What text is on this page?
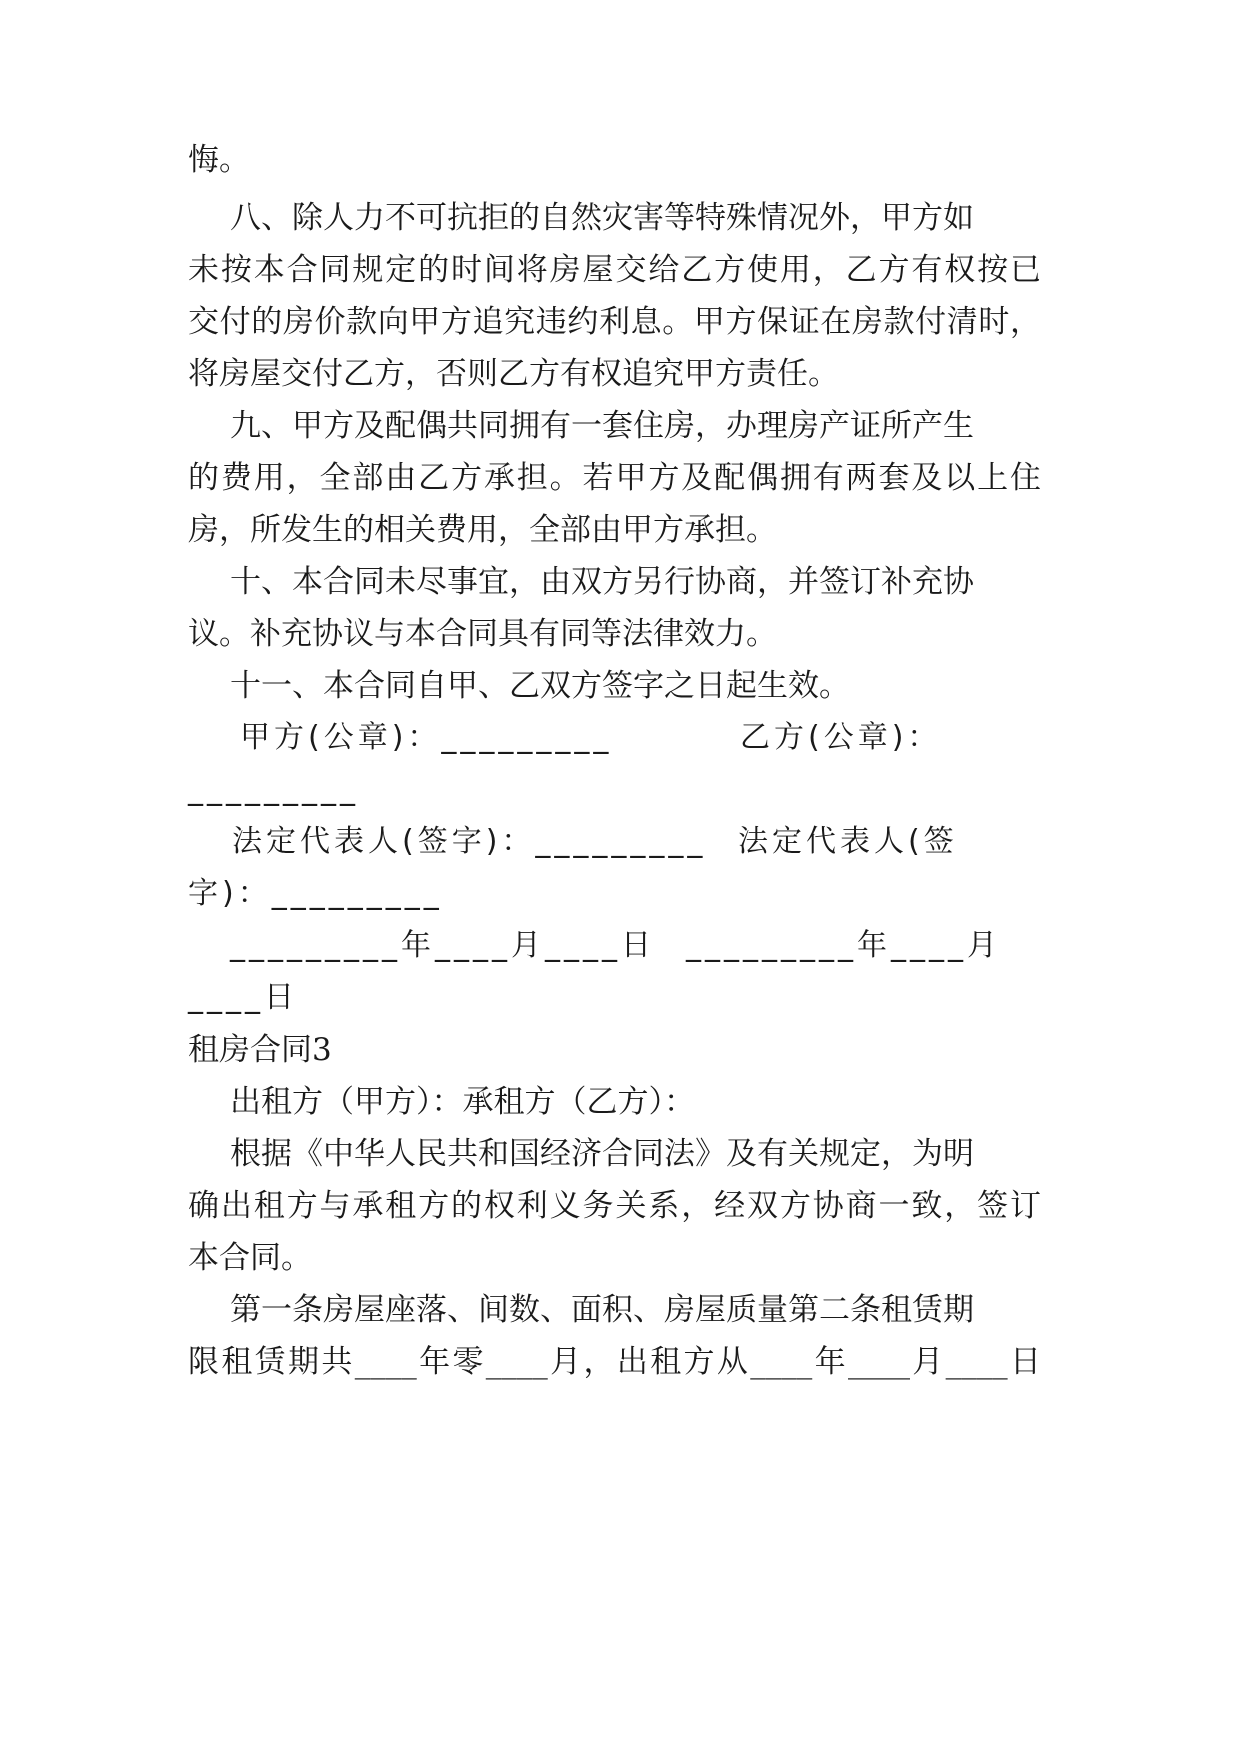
悔。
八、除人力不可抗拒的自然灾害等特殊情况外，甲方如
未按本合同规定的时间将房屋交给乙方使用，乙方有权按已
交付的房价款向甲方追究违约利息。甲方保证在房款付清时，
将房屋交付乙方，否则乙方有权追究甲方责任。
九、甲方及配偶共同拥有一套住房，办理房产证所产生
的费用，全部由乙方承担。若甲方及配偶拥有两套及以上住
房，所发生的相关费用，全部由甲方承担。
十、本合同未尽事宜，由双方另行协商，并签订补充协
议。补充协议与本合同具有同等法律效力。
十一、本合同自甲、乙双方签字之日起生效。
甲方(公章)：_________	乙方(公章)：
_________
法定代表人(签字)：_________ 法定代表人(签
字)：_________
_________年____月____日 _________年____月
____日
租房合同3
出租方（甲方）：承租方（乙方）：
根据《中华人民共和国经济合同法》及有关规定，为明
确出租方与承租方的权利义务关系，经双方协商一致，签订
本合同。
第一条房屋座落、间数、面积、房屋质量第二条租赁期
限租赁期共____年零____月，出租方从____年____月____日
